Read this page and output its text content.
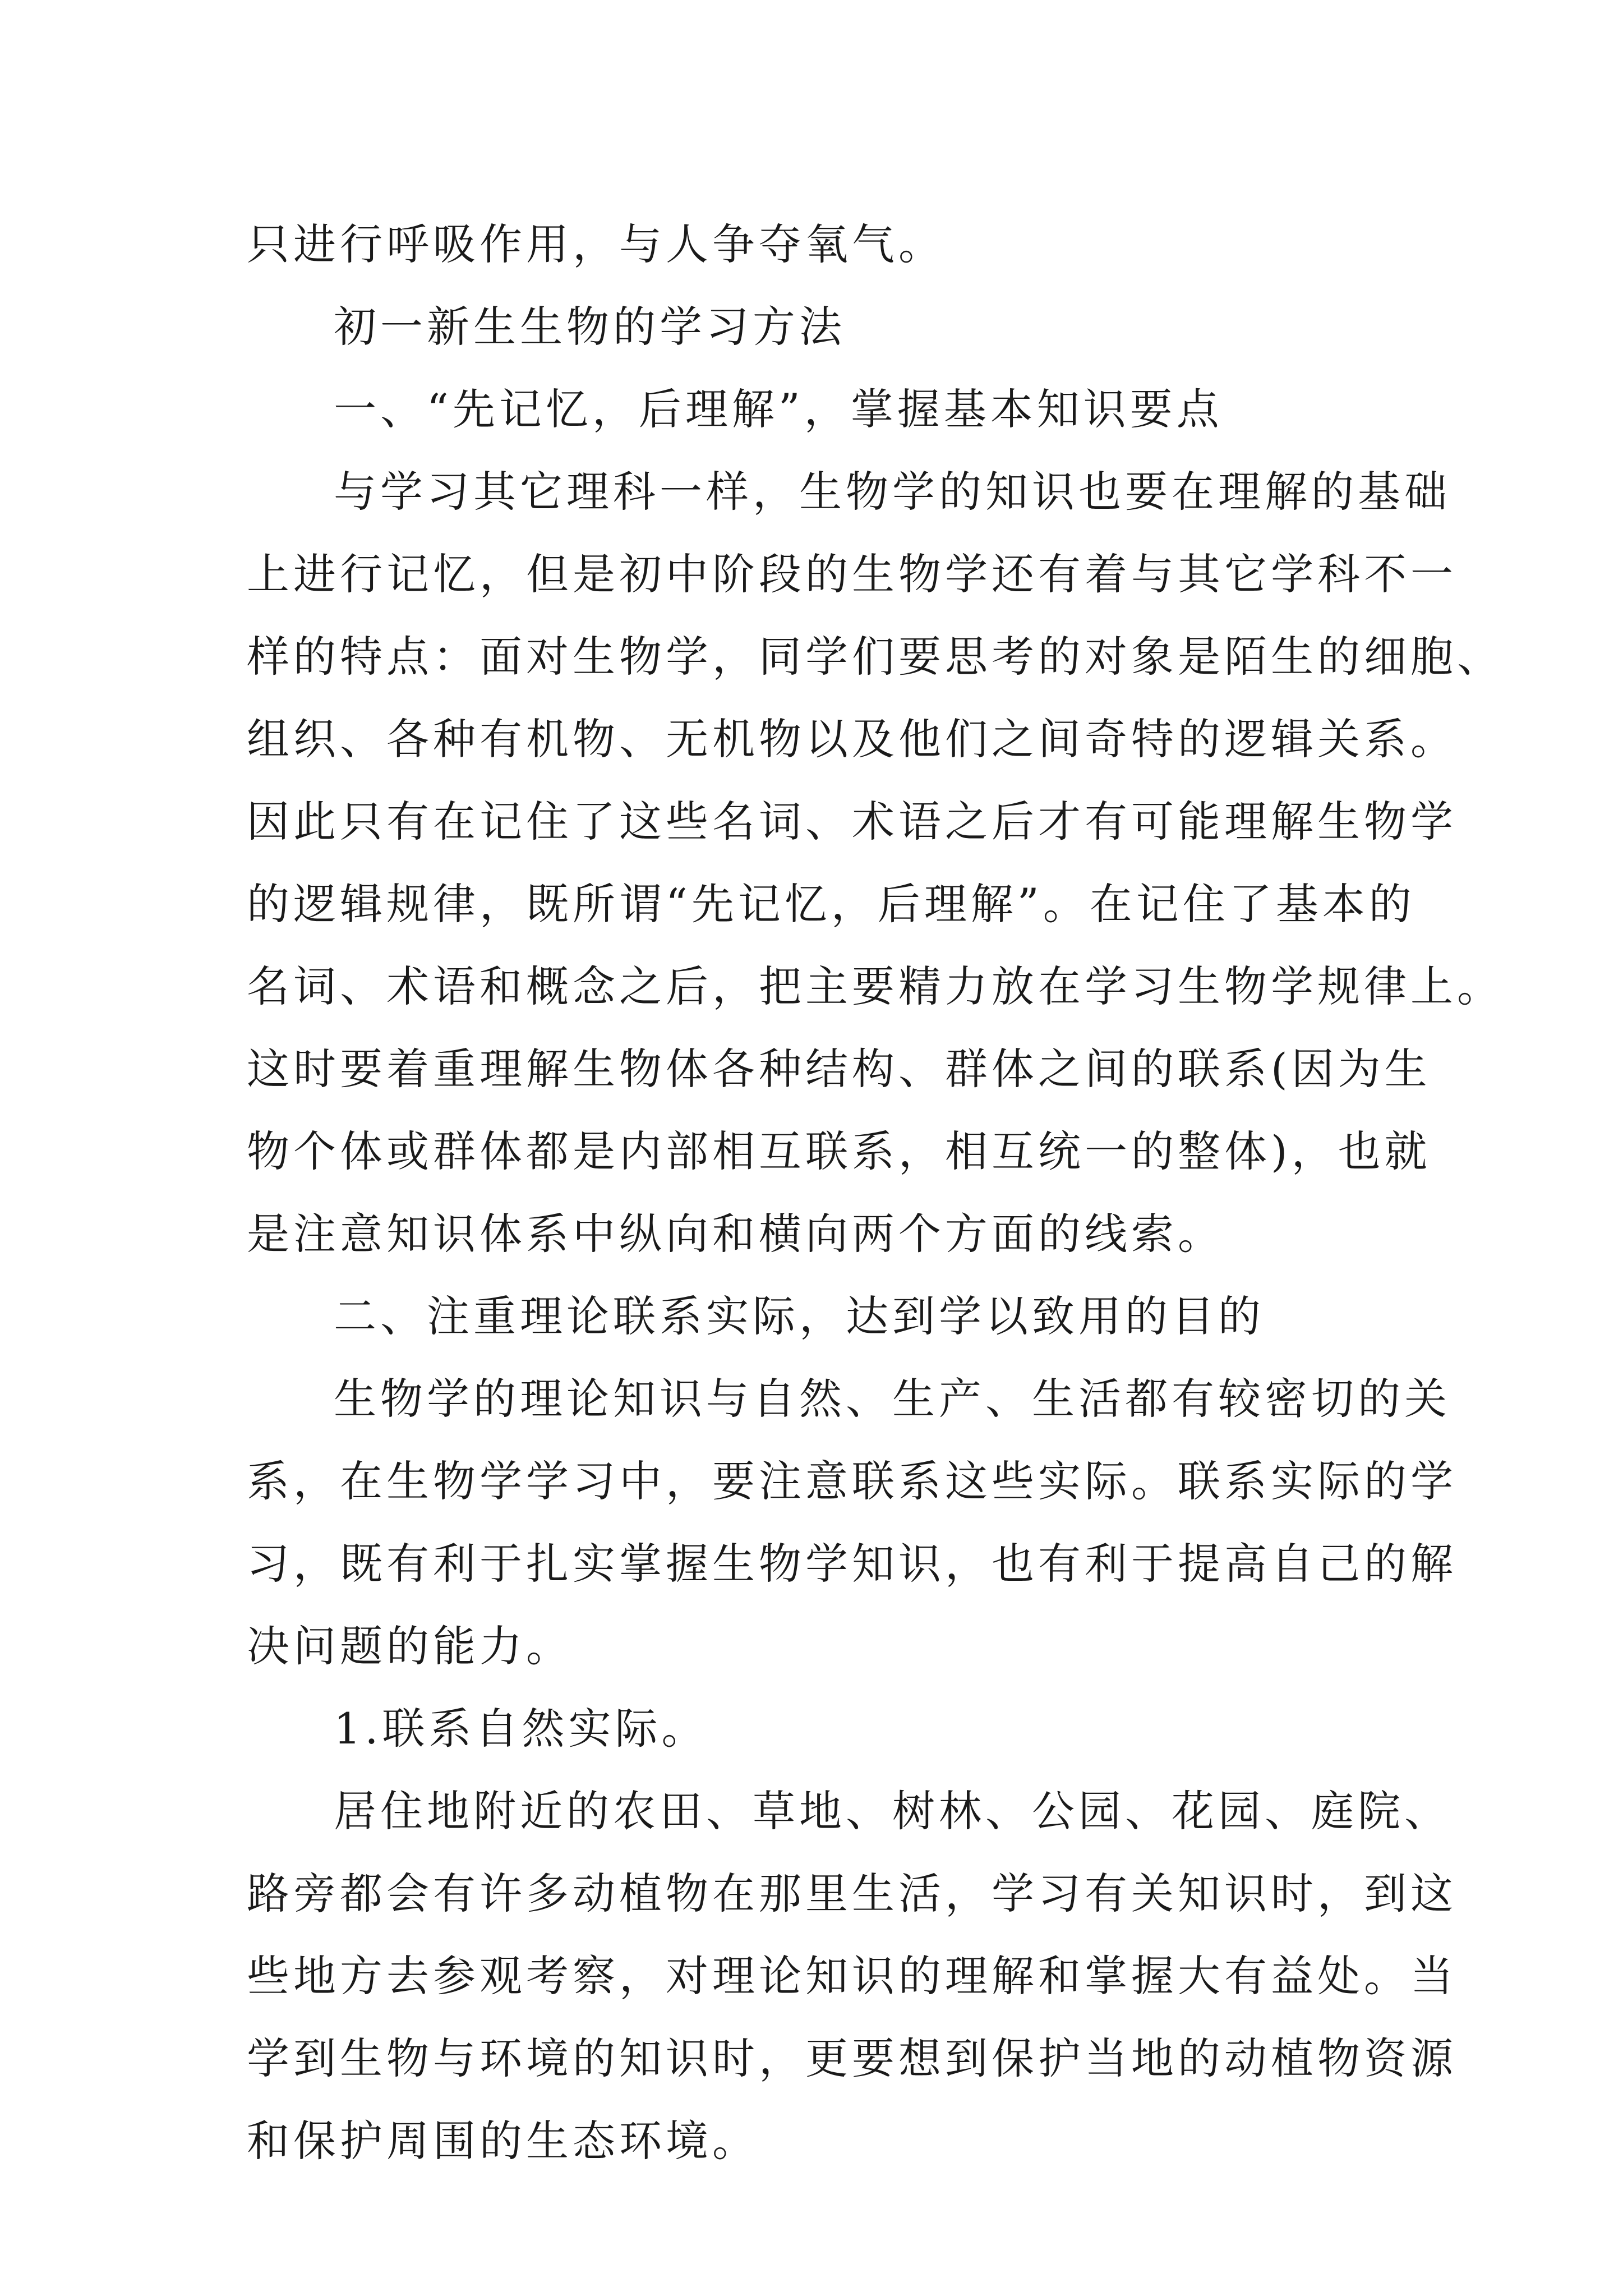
只进行呼吸作用，与人争夺氧气。
初一新生生物的学习方法
一、“先记忆，后理解”，掌握基本知识要点
与学习其它理科一样，生物学的知识也要在理解的基础
上进行记忆，但是初中阶段的生物学还有着与其它学科不一
样的特点：面对生物学，同学们要思考的对象是陌生的细胞、
组织、各种有机物、无机物以及他们之间奇特的逻辑关系。
因此只有在记住了这些名词、术语之后才有可能理解生物学
的逻辑规律，既所谓“先记忆，后理解”。在记住了基本的
名词、术语和概念之后，把主要精力放在学习生物学规律上。
这时要着重理解生物体各种结构、群体之间的联系(因为生
物个体或群体都是内部相互联系，相互统一的整体)，也就
是注意知识体系中纵向和横向两个方面的线索。
二、注重理论联系实际，达到学以致用的目的
生物学的理论知识与自然、生产、生活都有较密切的关
系，在生物学学习中，要注意联系这些实际。联系实际的学
习，既有利于扎实掌握生物学知识，也有利于提高自己的解
决问题的能力。
1.联系自然实际。
居住地附近的农田、草地、树林、公园、花园、庭院、
路旁都会有许多动植物在那里生活，学习有关知识时，到这
些地方去参观考察，对理论知识的理解和掌握大有益处。当
学到生物与环境的知识时，更要想到保护当地的动植物资源
和保护周围的生态环境。
